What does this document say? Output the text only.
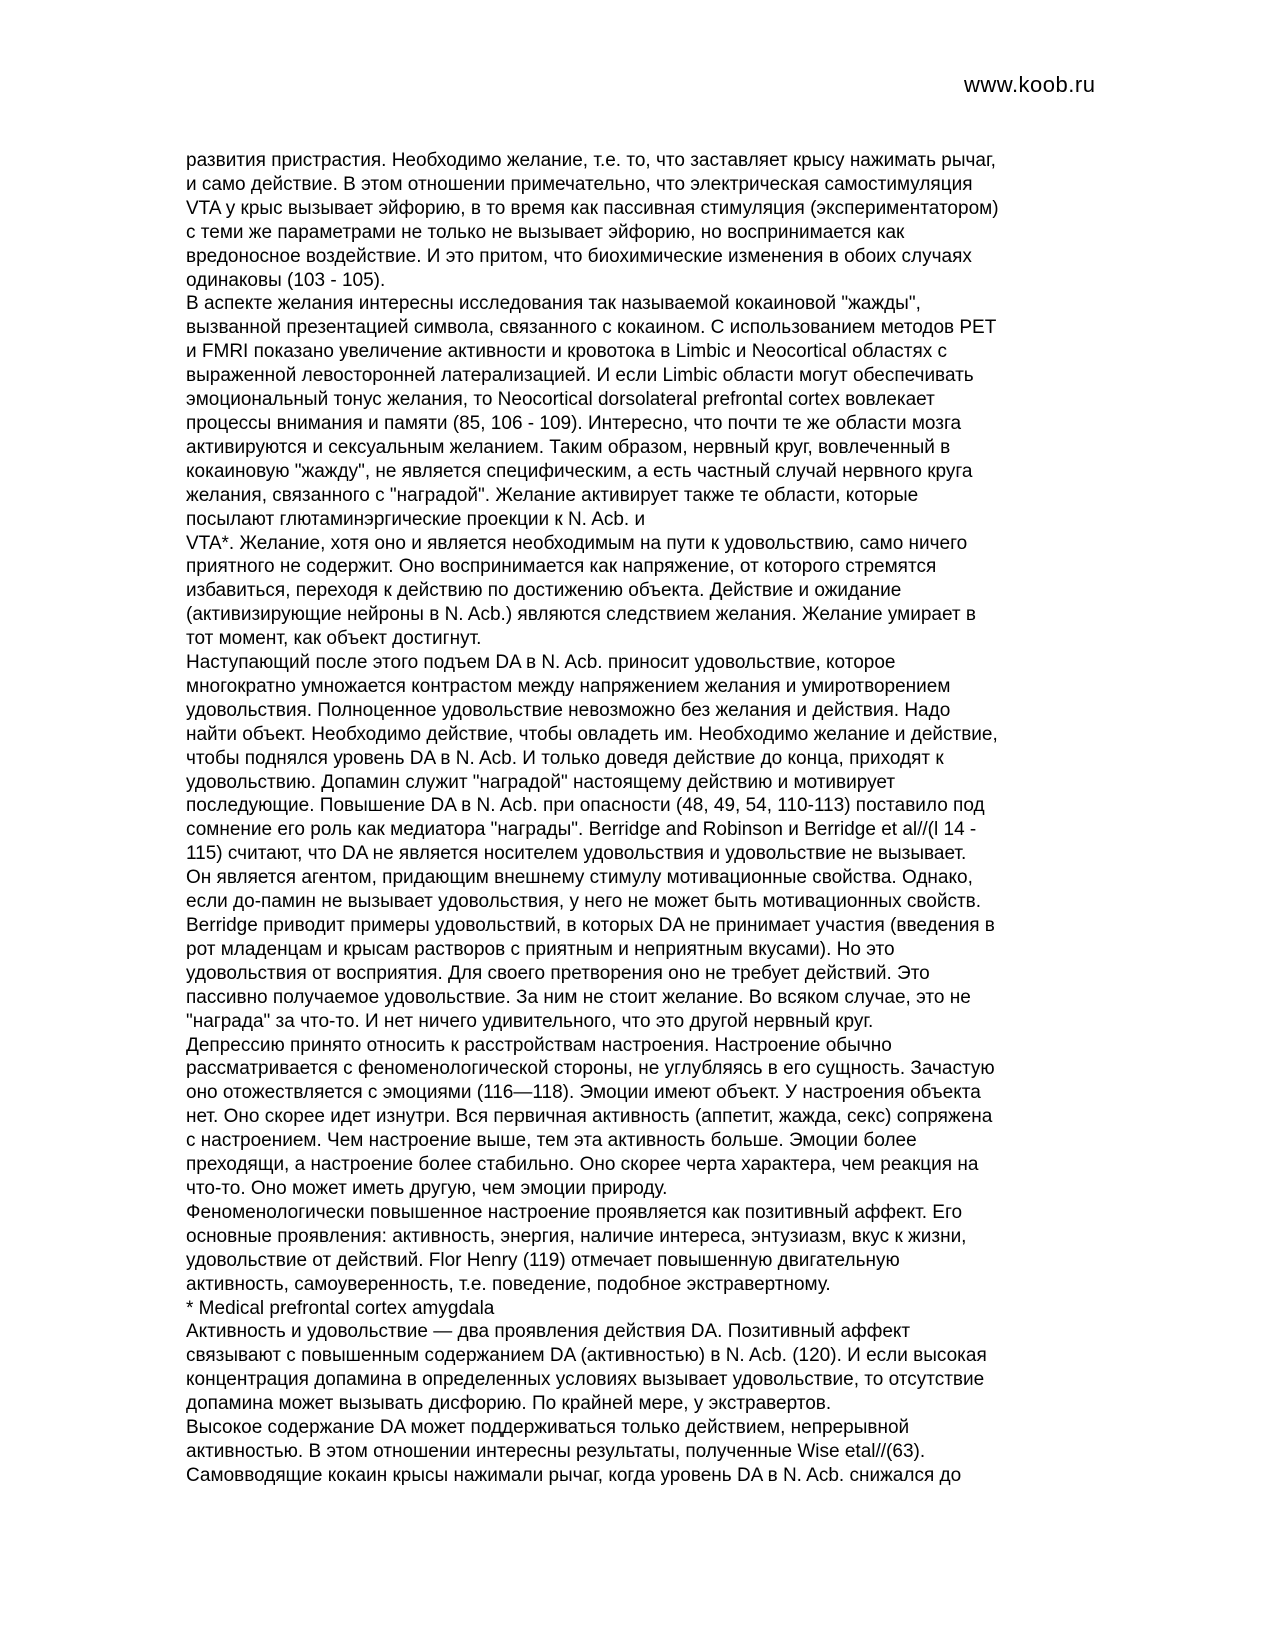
www.koob.ru
развития пристрастия. Необходимо желание, т.е. то, что заставляет крысу нажимать рычаг,
и само действие. В этом отношении примечательно, что электрическая самостимуляция
VTA у крыс вызывает эйфорию, в то время как пассивная стимуляция (экспериментатором)
с теми же параметрами не только не вызывает эйфорию, но воспринимается как
вредоносное воздействие. И это притом, что биохимические изменения в обоих случаях
одинаковы (103 - 105).
В аспекте желания интересны исследования так называемой кокаиновой "жажды",
вызванной презентацией символа, связанного с кокаином. С использованием методов PET
и FMRI показано увеличение активности и кровотока в Limbic и Neocortical областях с
выраженной левосторонней латерализацией. И если Limbic области могут обеспечивать
эмоциональный тонус желания, то Neocortical dorsolateral prefrontal cortex вовлекает
процессы внимания и памяти (85, 106 - 109). Интересно, что почти те же области мозга
активируются и сексуальным желанием. Таким образом, нервный круг, вовлеченный в
кокаиновую "жажду", не является специфическим, а есть частный случай нервного круга
желания, связанного с "наградой". Желание активирует также те области, которые
посылают глютаминэргические проекции к N. Acb. и
VTA*. Желание, хотя оно и является необходимым на пути к удовольствию, само ничего
приятного не содержит. Оно воспринимается как напряжение, от которого стремятся
избавиться, переходя к действию по достижению объекта. Действие и ожидание
(активизирующие нейроны в N. Acb.) являются следствием желания. Желание умирает в
тот момент, как объект достигнут.
Наступающий после этого подъем DA в N. Acb. приносит удовольствие, которое
многократно умножается контрастом между напряжением желания и умиротворением
удовольствия. Полноценное удовольствие невозможно без желания и действия. Надо
найти объект. Необходимо действие, чтобы овладеть им. Необходимо желание и действие,
чтобы поднялся уровень DA в N. Acb. И только доведя действие до конца, приходят к
удовольствию. Допамин служит "наградой" настоящему действию и мотивирует
последующие. Повышение DA в N. Acb. при опасности (48, 49, 54, 110-113) поставило под
сомнение его роль как медиатора "награды". Berridge and Robinson и Berridge et al//(l 14 -
115) считают, что DA не является носителем удовольствия и удовольствие не вызывает.
Он является агентом, придающим внешнему стимулу мотивационные свойства. Однако,
если до-памин не вызывает удовольствия, у него не может быть мотивационных свойств.
Berridge приводит примеры удовольствий, в которых DA не принимает участия (введения в
рот младенцам и крысам растворов с приятным и неприятным вкусами). Но это
удовольствия от восприятия. Для своего претворения оно не требует действий. Это
пассивно получаемое удовольствие. За ним не стоит желание. Во всяком случае, это не
"награда" за что-то. И нет ничего удивительного, что это другой нервный круг.
Депрессию принято относить к расстройствам настроения. Настроение обычно
рассматривается с феноменологической стороны, не углубляясь в его сущность. Зачастую
оно отожествляется с эмоциями (116—118). Эмоции имеют объект. У настроения объекта
нет. Оно скорее идет изнутри. Вся первичная активность (аппетит, жажда, секс) сопряжена
с настроением. Чем настроение выше, тем эта активность больше. Эмоции более
преходящи, а настроение более стабильно. Оно скорее черта характера, чем реакция на
что-то. Оно может иметь другую, чем эмоции природу.
Феноменологически повышенное настроение проявляется как позитивный аффект. Его
основные проявления: активность, энергия, наличие интереса, энтузиазм, вкус к жизни,
удовольствие от действий. Flor Henry (119) отмечает повышенную двигательную
активность, самоуверенность, т.е. поведение, подобное экстравертному.
* Medical prefrontal cortex amygdala
Активность и удовольствие — два проявления действия DA. Позитивный аффект
связывают с повышенным содержанием DA (активностью) в N. Acb. (120). И если высокая
концентрация допамина в определенных условиях вызывает удовольствие, то отсутствие
допамина может вызывать дисфорию. По крайней мере, у экстравертов.
Высокое содержание DA может поддерживаться только действием, непрерывной
активностью. В этом отношении интересны результаты, полученные Wise etal//(63).
Самовводящие кокаин крысы нажимали рычаг, когда уровень DA в N. Acb. снижался до
